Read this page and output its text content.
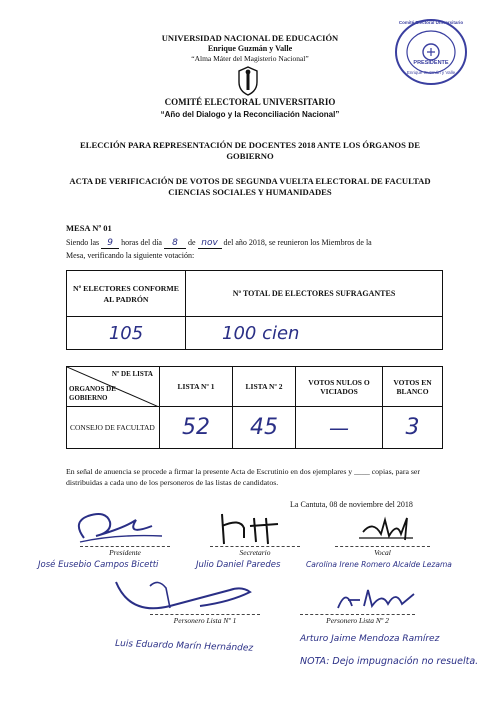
UNIVERSIDAD NACIONAL DE EDUCACIÓN
Enrique Guzmán y Valle
“Alma Máter del Magisterio Nacional”
COMITÉ ELECTORAL UNIVERSITARIO
“Año del Dialogo y la Reconciliación Nacional”
Comité Electoral Universitario
PRESIDENTE
Enrique Guzmán y Valle
ELECCIÓN PARA REPRESENTACIÓN DE DOCENTES 2018 ANTE LOS ÓRGANOS DE GOBIERNO
ACTA DE VERIFICACIÓN DE VOTOS DE SEGUNDA VUELTA ELECTORAL DE FACULTAD CIENCIAS SOCIALES Y HUMANIDADES
MESA Nº 01
Siendo las 9 horas del día 8 de nov del año 2018, se reunieron los Miembros de la
Mesa, verificando la siguiente votación:
Nº ELECTORES CONFORME AL PADRÓN	Nº TOTAL DE ELECTORES SUFRAGANTES
105	100 cien
Nº DE LISTA
ORGANOS DE GOBIERNO	LISTA Nº 1	LISTA Nº 2	VOTOS NULOS O VICIADOS	VOTOS EN BLANCO
CONSEJO DE FACULTAD	52	45	—	3
En señal de anuencia se procede a firmar la presente Acta de Escrutinio en dos ejemplares y ____ copias, para ser distribuidas a cada uno de los personeros de las listas de candidatos.
La Cantuta, 08 de noviembre del 2018
Presidente	Secretario	Vocal
José Eusebio Campos Bicetti	Julio Daniel Paredes	Carolina Irene Romero Alcalde Lezama
Personero Lista Nº 1	Personero Lista Nº 2
Luis Eduardo Marín Hernández	Arturo Jaime Mendoza Ramírez
NOTA: Dejo impugnación no resuelta.
